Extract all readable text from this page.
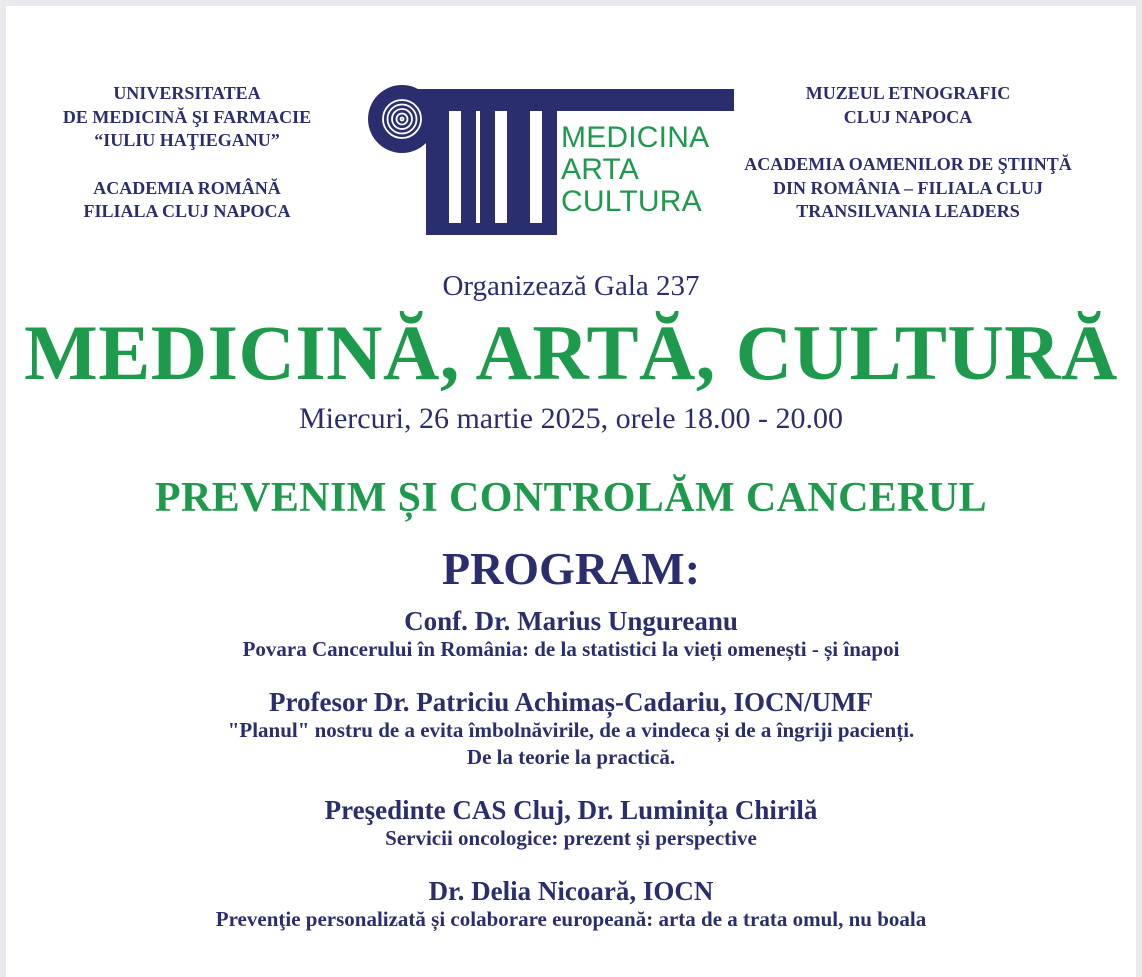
UNIVERSITATEA
DE MEDICINĂ ŞI FARMACIE
“IULIU HAŢIEGANU”
ACADEMIA ROMÂNĂ
FILIALA CLUJ NAPOCA
MEDICINA
ARTA
CULTURA
MUZEUL ETNOGRAFIC
CLUJ NAPOCA
ACADEMIA OAMENILOR DE ŞTIINŢĂ
DIN ROMÂNIA – FILIALA CLUJ
TRANSILVANIA LEADERS
Organizează Gala 237
MEDICINĂ, ARTĂ, CULTURĂ
Miercuri, 26 martie 2025, orele 18.00 - 20.00
PREVENIM ȘI CONTROLĂM CANCERUL
PROGRAM:
Conf. Dr. Marius Ungureanu
Povara Cancerului în România: de la statistici la vieți omenești - și înapoi
Profesor Dr. Patriciu Achimaș-Cadariu, IOCN/UMF
"Planul" nostru de a evita îmbolnăvirile, de a vindeca și de a îngriji pacienți.
De la teorie la practică.
Preşedinte CAS Cluj, Dr. Luminița Chirilă
Servicii oncologice: prezent și perspective
Dr. Delia Nicoară, IOCN
Prevenţie personalizată și colaborare europeană: arta de a trata omul, nu boala
